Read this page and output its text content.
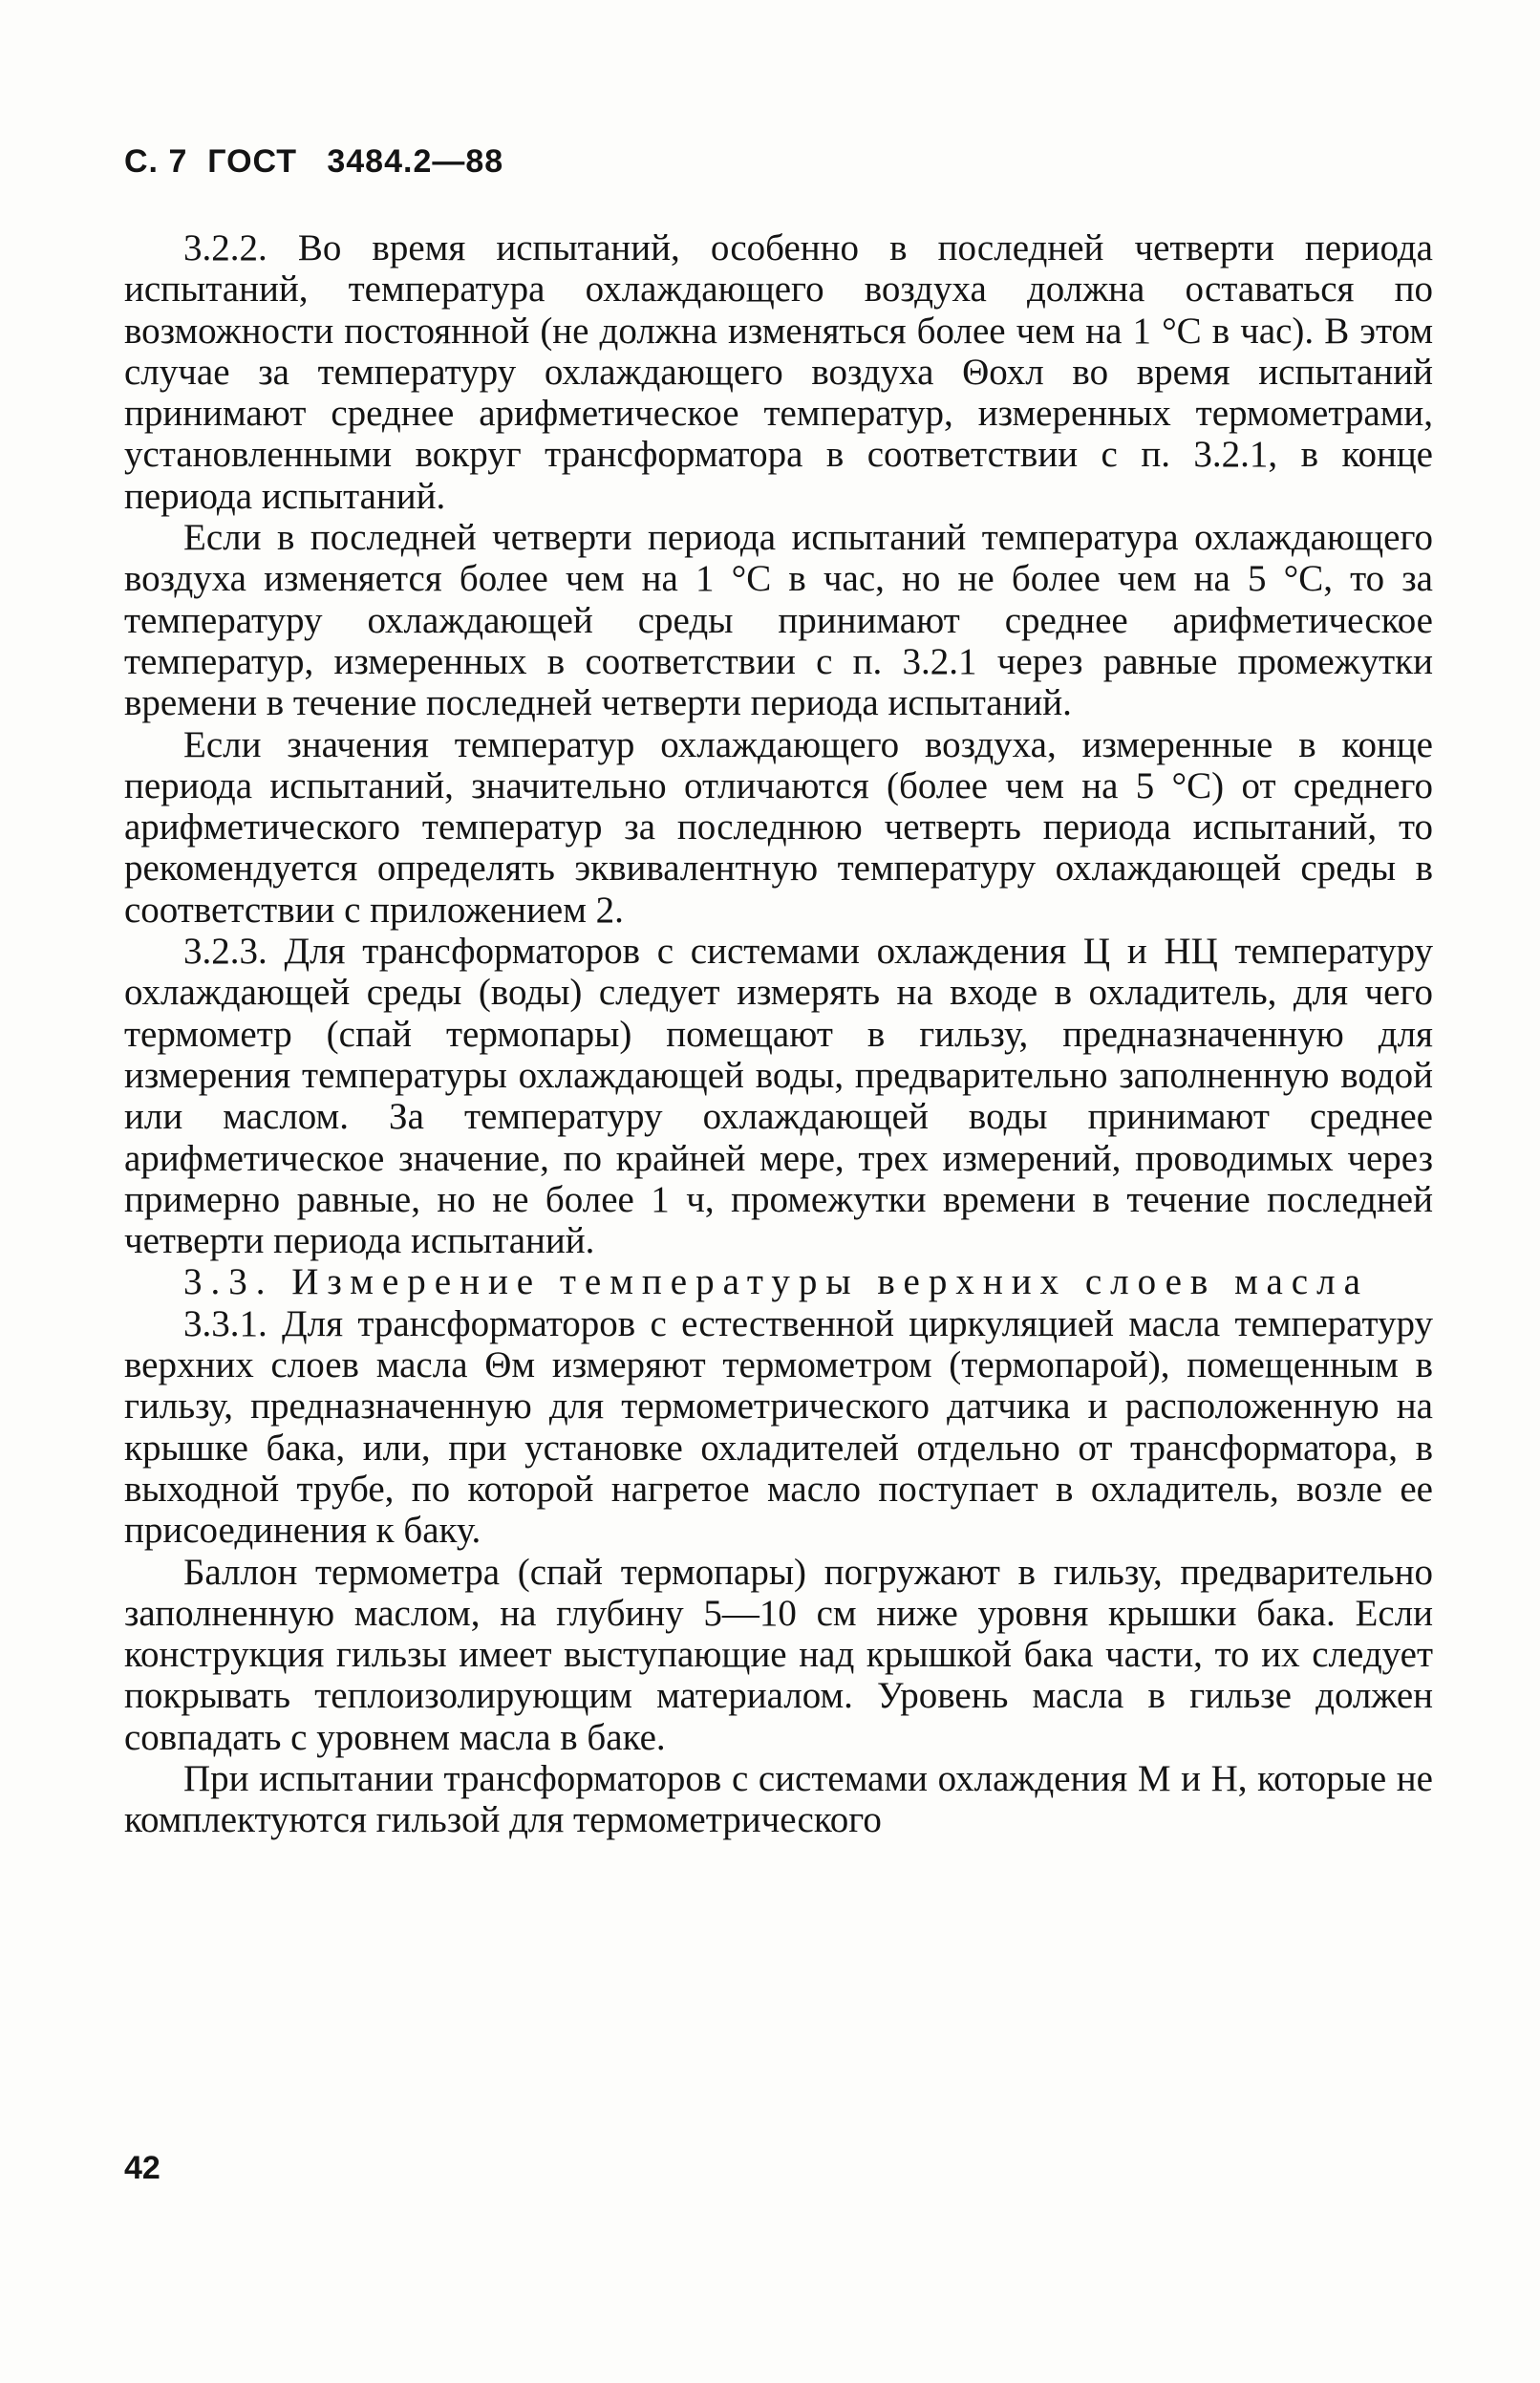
С. 7 ГОСТ 3484.2—88

3.2.2. Во время испытаний, особенно в последней четверти периода испытаний, температура охлаждающего воздуха должна оставаться по возможности постоянной (не должна изменяться более чем на 1 °С в час). В этом случае за температуру охлаждающего воздуха Θохл во время испытаний принимают среднее арифметическое температур, измеренных термометрами, установленными вокруг трансформатора в соответствии с п. 3.2.1, в конце периода испытаний.

Если в последней четверти периода испытаний температура охлаждающего воздуха изменяется более чем на 1 °С в час, но не более чем на 5 °С, то за температуру охлаждающей среды принимают среднее арифметическое температур, измеренных в соответствии с п. 3.2.1 через равные промежутки времени в течение последней четверти периода испытаний.

Если значения температур охлаждающего воздуха, измеренные в конце периода испытаний, значительно отличаются (более чем на 5 °С) от среднего арифметического температур за последнюю четверть периода испытаний, то рекомендуется определять эквивалентную температуру охлаждающей среды в соответствии с приложением 2.

3.2.3. Для трансформаторов с системами охлаждения Ц и НЦ температуру охлаждающей среды (воды) следует измерять на входе в охладитель, для чего термометр (спай термопары) помещают в гильзу, предназначенную для измерения температуры охлаждающей воды, предварительно заполненную водой или маслом. За температуру охлаждающей воды принимают среднее арифметическое значение, по крайней мере, трех измерений, проводимых через примерно равные, но не более 1 ч, промежутки времени в течение последней четверти периода испытаний.

3.3. Измерение температуры верхних слоев масла

3.3.1. Для трансформаторов с естественной циркуляцией масла температуру верхних слоев масла Θм измеряют термометром (термопарой), помещенным в гильзу, предназначенную для термометрического датчика и расположенную на крышке бака, или, при установке охладителей отдельно от трансформатора, в выходной трубе, по которой нагретое масло поступает в охладитель, возле ее присоединения к баку.

Баллон термометра (спай термопары) погружают в гильзу, предварительно заполненную маслом, на глубину 5—10 см ниже уровня крышки бака. Если конструкция гильзы имеет выступающие над крышкой бака части, то их следует покрывать теплоизолирующим материалом. Уровень масла в гильзе должен совпадать с уровнем масла в баке.

При испытании трансформаторов с системами охлаждения М и Н, которые не комплектуются гильзой для термометрического

42
